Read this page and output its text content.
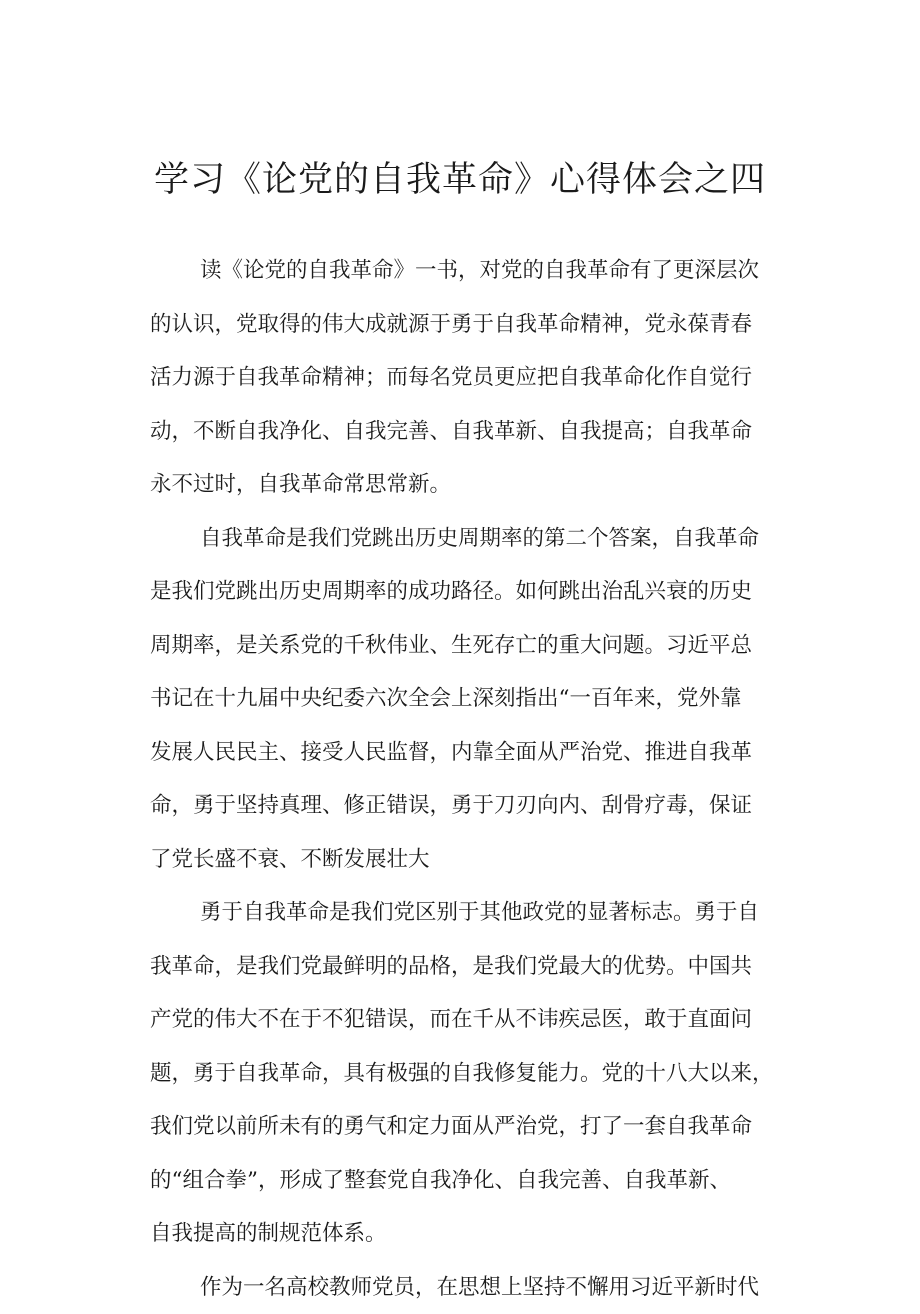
学习《论党的自我革命》心得体会之四

读《论党的自我革命》一书，对党的自我革命有了更深层次

的认识，党取得的伟大成就源于勇于自我革命精神，党永葆青春

活力源于自我革命精神；而每名党员更应把自我革命化作自觉行

动，不断自我净化、自我完善、自我革新、自我提高；自我革命

永不过时，自我革命常思常新。

自我革命是我们党跳出历史周期率的第二个答案，自我革命

是我们党跳出历史周期率的成功路径。如何跳出治乱兴衰的历史

周期率，是关系党的千秋伟业、生死存亡的重大问题。习近平总

书记在十九届中央纪委六次全会上深刻指出“一百年来，党外靠

发展人民民主、接受人民监督，内靠全面从严治党、推进自我革

命，勇于坚持真理、修正错误，勇于刀刃向内、刮骨疗毒，保证

了党长盛不衰、不断发展壮大

勇于自我革命是我们党区别于其他政党的显著标志。勇于自

我革命，是我们党最鲜明的品格，是我们党最大的优势。中国共

产党的伟大不在于不犯错误，而在千从不讳疾忌医，敢于直面问

题，勇于自我革命，具有极强的自我修复能力。党的十八大以来，

我们党以前所未有的勇气和定力面从严治党，打了一套自我革命

的“组合拳”，形成了整套党自我净化、自我完善、自我革新、

自我提高的制规范体系。

作为一名高校教师党员，在思想上坚持不懈用习近平新时代
